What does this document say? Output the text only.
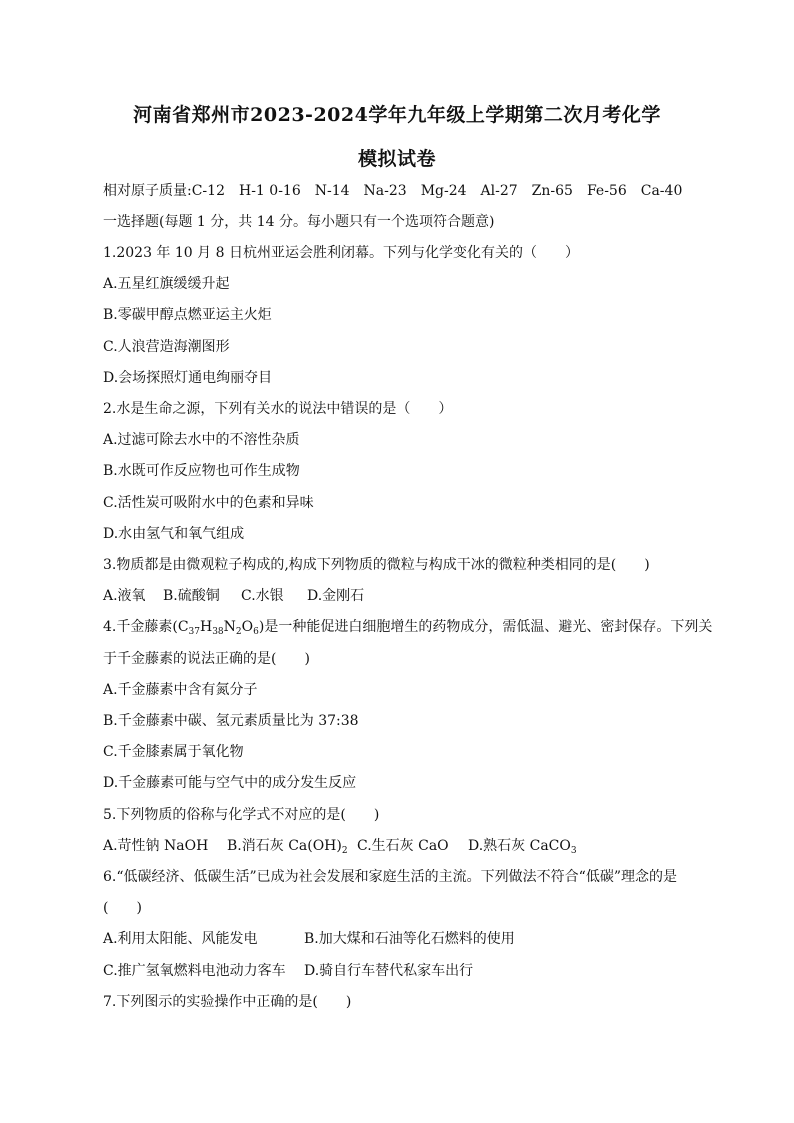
河南省郑州市2023-2024学年九年级上学期第二次月考化学
模拟试卷
相对原子质量:C-12 H-1 0-16 N-14 Na-23 Mg-24 Al-27 Zn-65 Fe-56 Ca-40
一选择题(每题 1 分，共 14 分。每小题只有一个选项符合题意)
1.2023 年 10 月 8 日杭州亚运会胜利闭幕。下列与化学变化有关的（　　）
A.五星红旗缓缓升起
B.零碳甲醇点燃亚运主火炬
C.人浪营造海潮图形
D.会场探照灯通电绚丽夺目
2.水是生命之源，下列有关水的说法中错误的是（　　）
A.过滤可除去水中的不溶性杂质
B.水既可作反应物也可作生成物
C.活性炭可吸附水中的色素和异味
D.水由氢气和氧气组成
3.物质都是由微观粒子构成的,构成下列物质的微粒与构成干冰的微粒种类相同的是(　　)
A.液氧 B.硫酸铜 C.水银 D.金刚石
4.千金藤素$(C_{37}H_{38}N_2O_6)$是一种能促进白细胞增生的药物成分，需低温、避光、密封保存。下列关
于千金藤素的说法正确的是(　　)
A.千金藤素中含有氮分子
B.千金藤素中碳、氢元素质量比为 37:38
C.千金膝素属于氧化物
D.千金藤素可能与空气中的成分发生反应
5.下列物质的俗称与化学式不对应的是(　　)
A.苛性钠 NaOH B.消石灰 Ca(OH)2 C.生石灰 CaO D.熟石灰 CaCO3
6.“低碳经济、低碳生活”已成为社会发展和家庭生活的主流。下列做法不符合“低碳”理念的是
(　　)
A.利用太阳能、风能发电	B.加大煤和石油等化石燃料的使用
C.推广氢氧燃料电池动力客车 D.骑自行车替代私家车出行
7.下列图示的实验操作中正确的是(　　)
